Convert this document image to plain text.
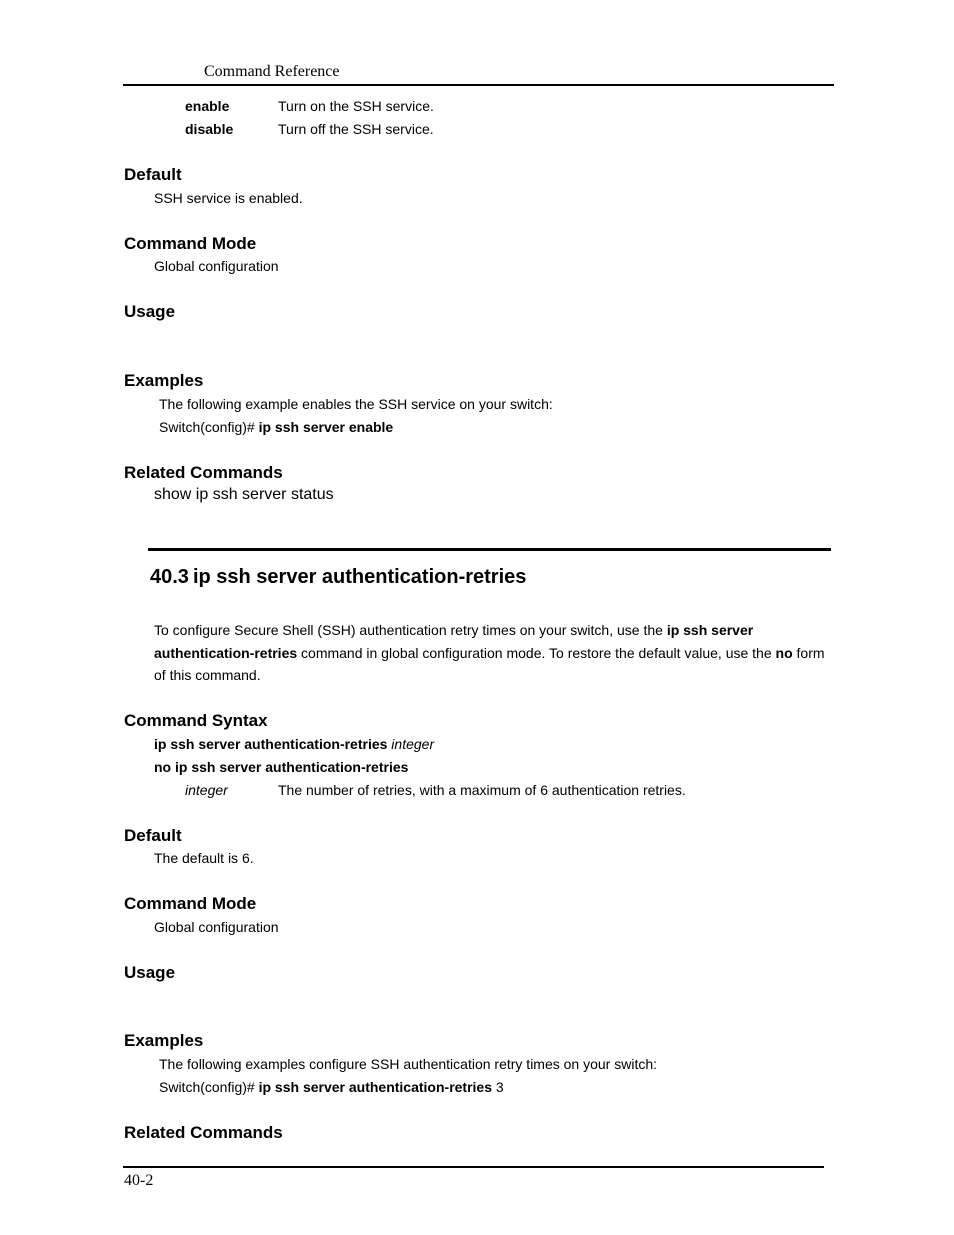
Command Reference
enable	Turn on the SSH service.
disable	Turn off the SSH service.
Default
SSH service is enabled.
Command Mode
Global configuration
Usage
Examples
The following example enables the SSH service on your switch:
Switch(config)# ip ssh server enable
Related Commands
show ip ssh server status
40.3 ip ssh server authentication-retries
To configure Secure Shell (SSH) authentication retry times on your switch, use the ip ssh server authentication-retries command in global configuration mode. To restore the default value, use the no form of this command.
Command Syntax
ip ssh server authentication-retries integer
no ip ssh server authentication-retries
integer	The number of retries, with a maximum of 6 authentication retries.
Default
The default is 6.
Command Mode
Global configuration
Usage
Examples
The following examples configure SSH authentication retry times on your switch:
Switch(config)# ip ssh server authentication-retries 3
Related Commands
40-2
